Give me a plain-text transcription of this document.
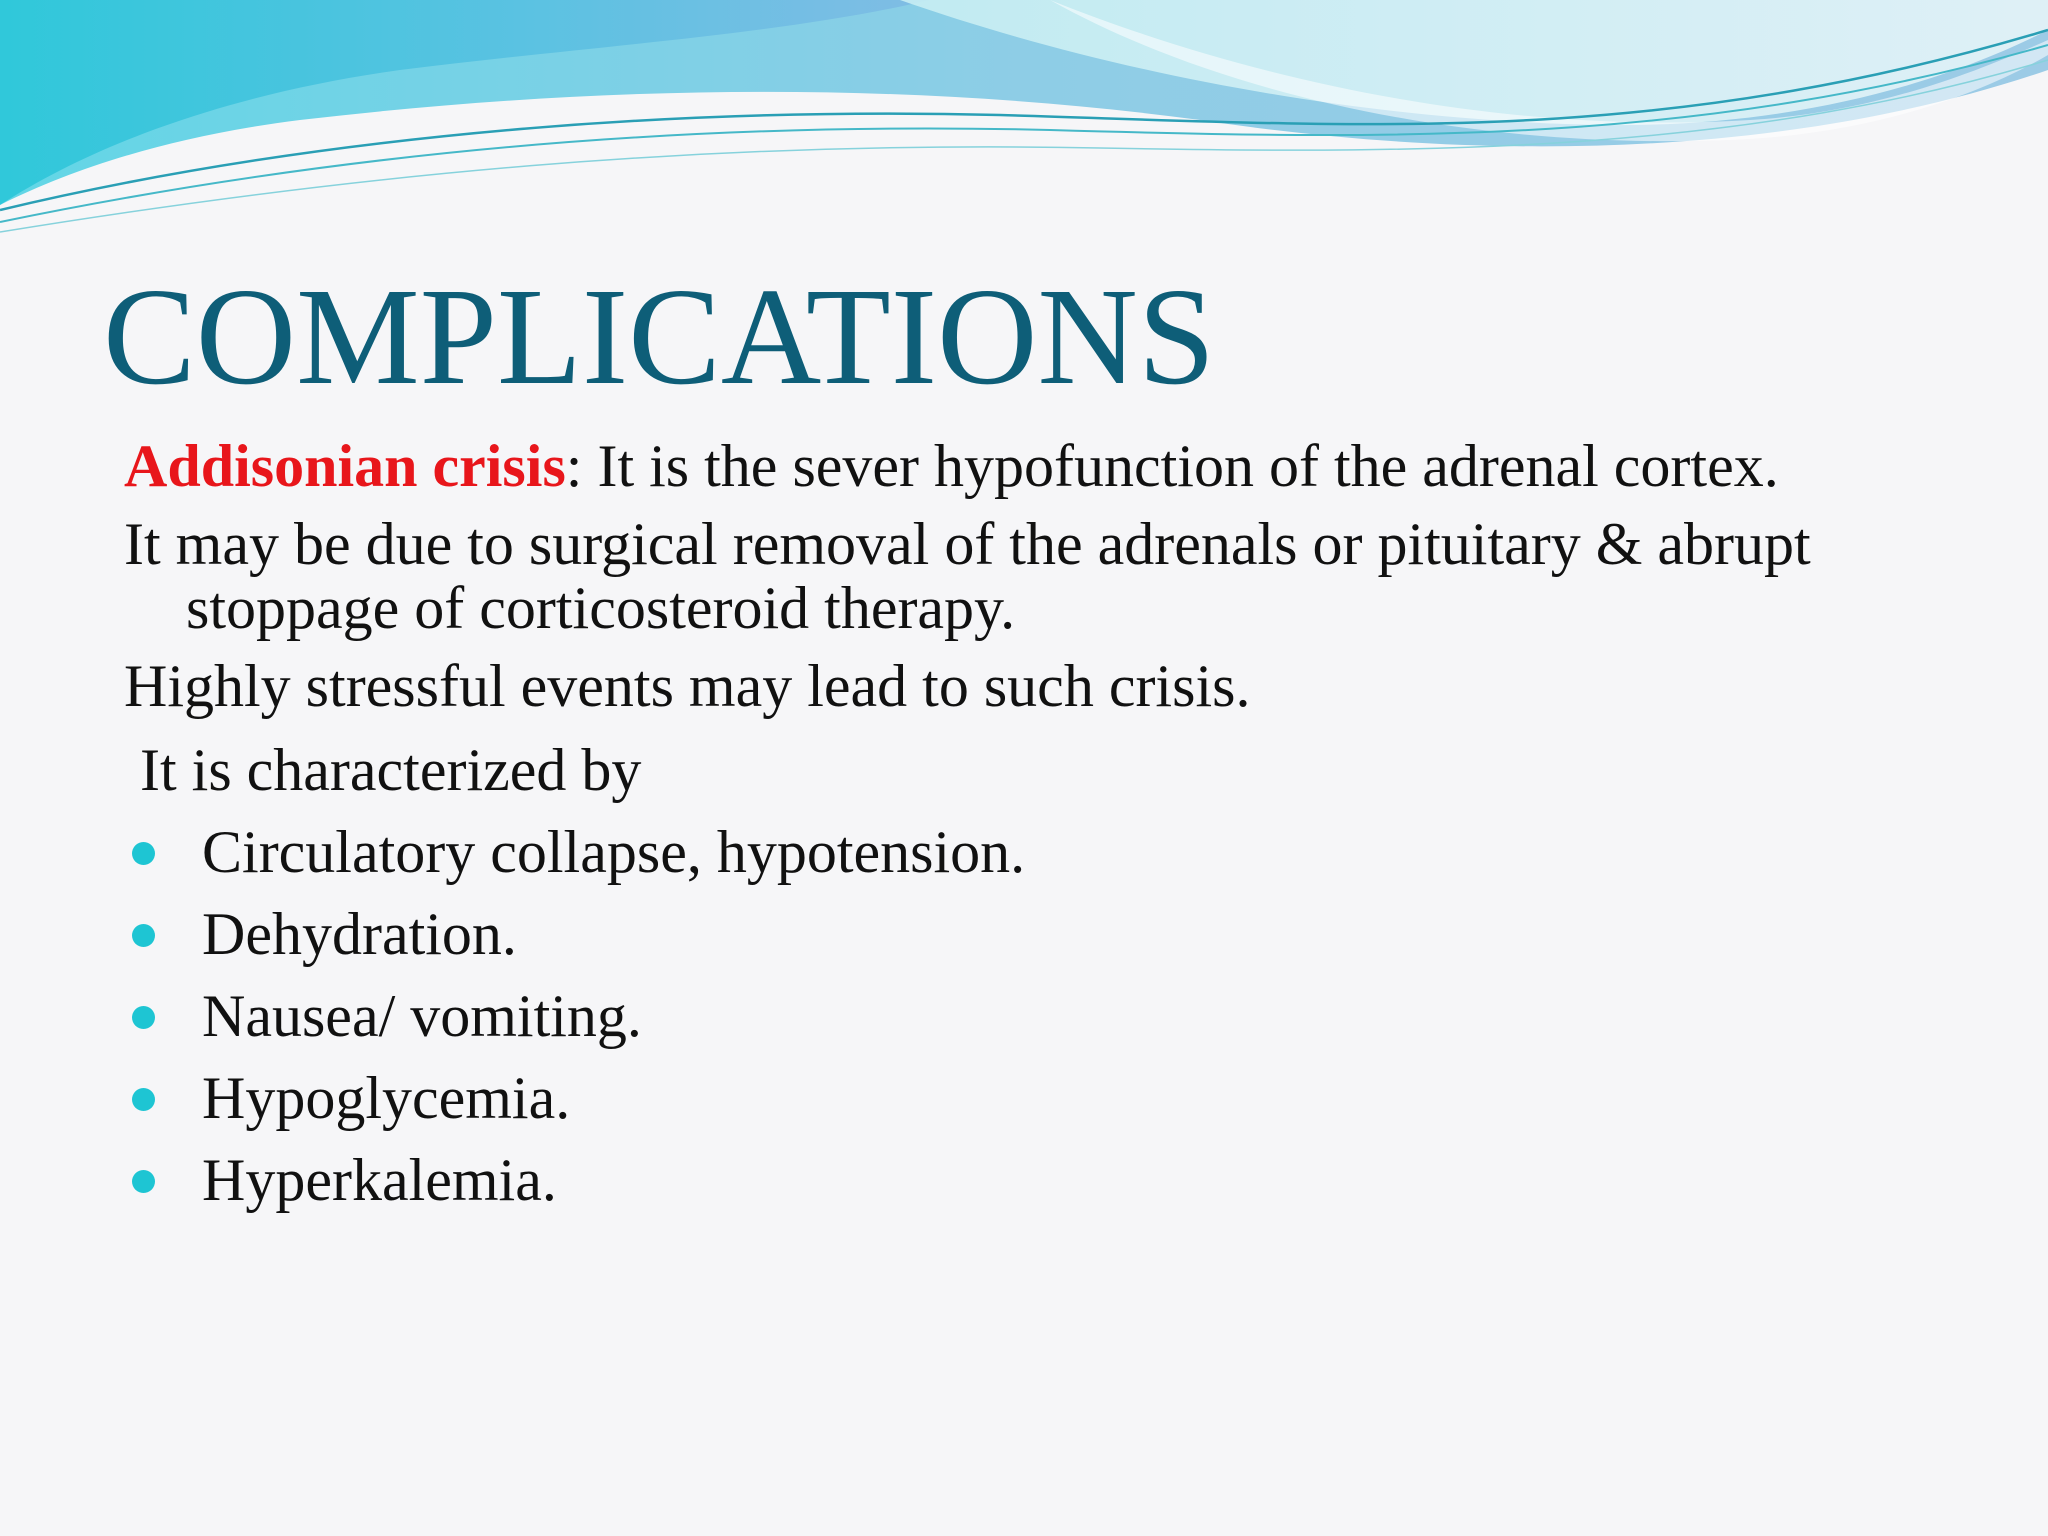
COMPLICATIONS

Addisonian crisis: It is the sever hypofunction of the adrenal cortex.

It may be due to surgical removal of the adrenals or pituitary & abrupt stoppage of corticosteroid therapy.

Highly stressful events may lead to such crisis.

It is characterized by

Circulatory collapse, hypotension.
Dehydration.
Nausea/ vomiting.
Hypoglycemia.
Hyperkalemia.
